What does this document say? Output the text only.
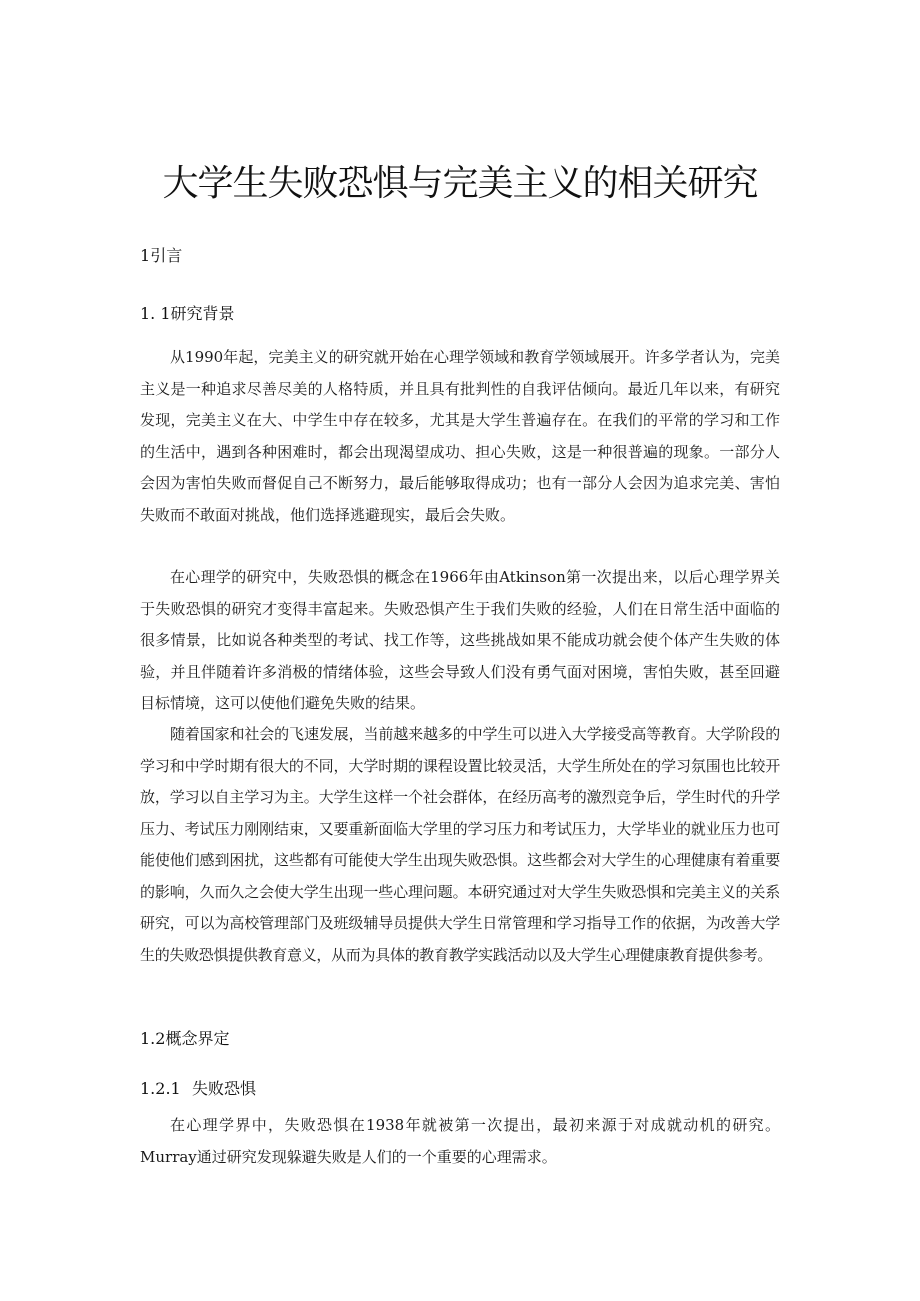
大学生失败恐惧与完美主义的相关研究
1引言
1. 1研究背景

从1990年起，完美主义的研究就开始在心理学领域和教育学领域展开。许多学者认为，完美主义是一种追求尽善尽美的人格特质，并且具有批判性的自我评估倾向。最近几年以来，有研究发现，完美主义在大、中学生中存在较多，尤其是大学生普遍存在。在我们的平常的学习和工作的生活中，遇到各种困难时，都会出现渴望成功、担心失败，这是一种很普遍的现象。一部分人会因为害怕失败而督促自己不断努力，最后能够取得成功；也有一部分人会因为追求完美、害怕失败而不敢面对挑战，他们选择逃避现实，最后会失败。

在心理学的研究中，失败恐惧的概念在1966年由Atkinson第一次提出来，以后心理学界关于失败恐惧的研究才变得丰富起来。失败恐惧产生于我们失败的经验，人们在日常生活中面临的很多情景，比如说各种类型的考试、找工作等，这些挑战如果不能成功就会使个体产生失败的体验，并且伴随着许多消极的情绪体验，这些会导致人们没有勇气面对困境，害怕失败，甚至回避目标情境，这可以使他们避免失败的结果。

随着国家和社会的飞速发展，当前越来越多的中学生可以进入大学接受高等教育。大学阶段的学习和中学时期有很大的不同，大学时期的课程设置比较灵活，大学生所处在的学习氛围也比较开放，学习以自主学习为主。大学生这样一个社会群体，在经历高考的激烈竞争后，学生时代的升学压力、考试压力刚刚结束，又要重新面临大学里的学习压力和考试压力，大学毕业的就业压力也可能使他们感到困扰，这些都有可能使大学生出现失败恐惧。这些都会对大学生的心理健康有着重要的影响，久而久之会使大学生出现一些心理问题。本研究通过对大学生失败恐惧和完美主义的关系研究，可以为高校管理部门及班级辅导员提供大学生日常管理和学习指导工作的依据，为改善大学生的失败恐惧提供教育意义，从而为具体的教育教学实践活动以及大学生心理健康教育提供参考。

1.2概念界定
1.2.1 失败恐惧

在心理学界中，失败恐惧在1938年就被第一次提出，最初来源于对成就动机的研究。Murray通过研究发现躲避失败是人们的一个重要的心理需求。
